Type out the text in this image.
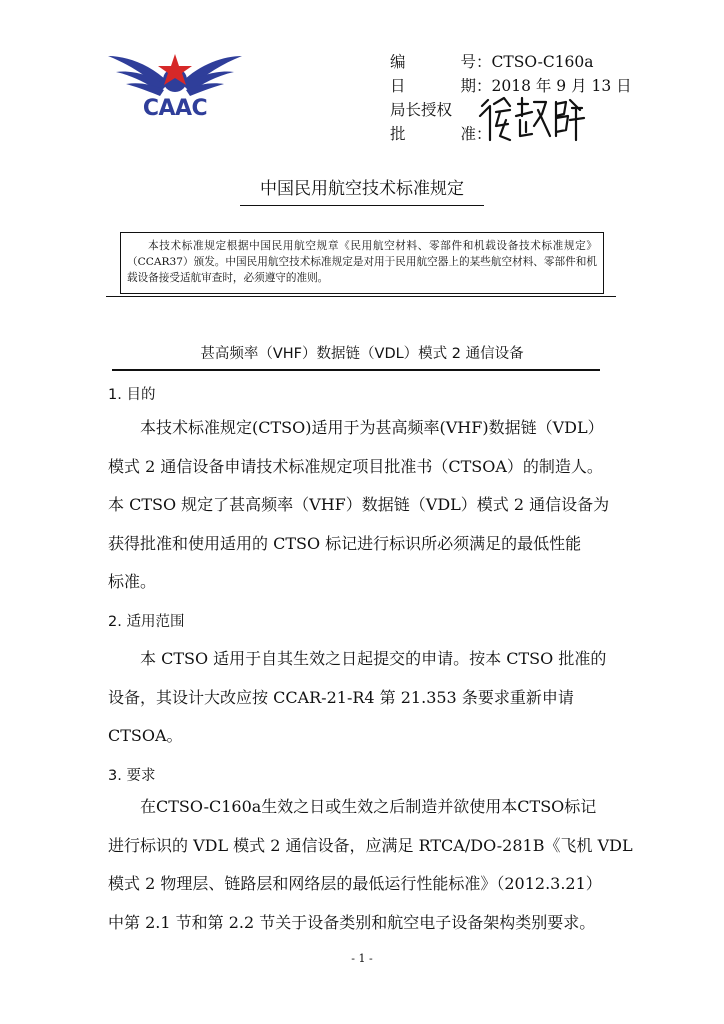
CAAC
编	号 ：CTSO-C160a
日	期 ：2018 年 9 月 13 日
局长授权
批	准 ：
中国民用航空技术标准规定
本技术标准规定根据中国民用航空规章《民用航空材料、零部件和机载设备技术标准规定》（CCAR37）颁发。中国民用航空技术标准规定是对用于民用航空器上的某些航空材料、零部件和机载设备接受适航审查时，必须遵守的准则。
甚高频率（VHF）数据链（VDL）模式 2 通信设备
1. 目的
本技术标准规定(CTSO)适用于为甚高频率(VHF)数据链（VDL）
模式 2 通信设备申请技术标准规定项目批准书（CTSOA）的制造人。
本 CTSO 规定了甚高频率（VHF）数据链（VDL）模式 2 通信设备为
获得批准和使用适用的 CTSO 标记进行标识所必须满足的最低性能
标准。
2. 适用范围
本 CTSO 适用于自其生效之日起提交的申请。按本 CTSO 批准的
设备，其设计大改应按 CCAR-21-R4 第 21.353 条要求重新申请
CTSOA。
3. 要求
在CTSO-C160a生效之日或生效之后制造并欲使用本CTSO标记
进行标识的 VDL 模式 2 通信设备，应满足 RTCA/DO-281B《飞机 VDL
模式 2 物理层、链路层和网络层的最低运行性能标准》（2012.3.21）
中第 2.1 节和第 2.2 节关于设备类别和航空电子设备架构类别要求。
- 1 -
